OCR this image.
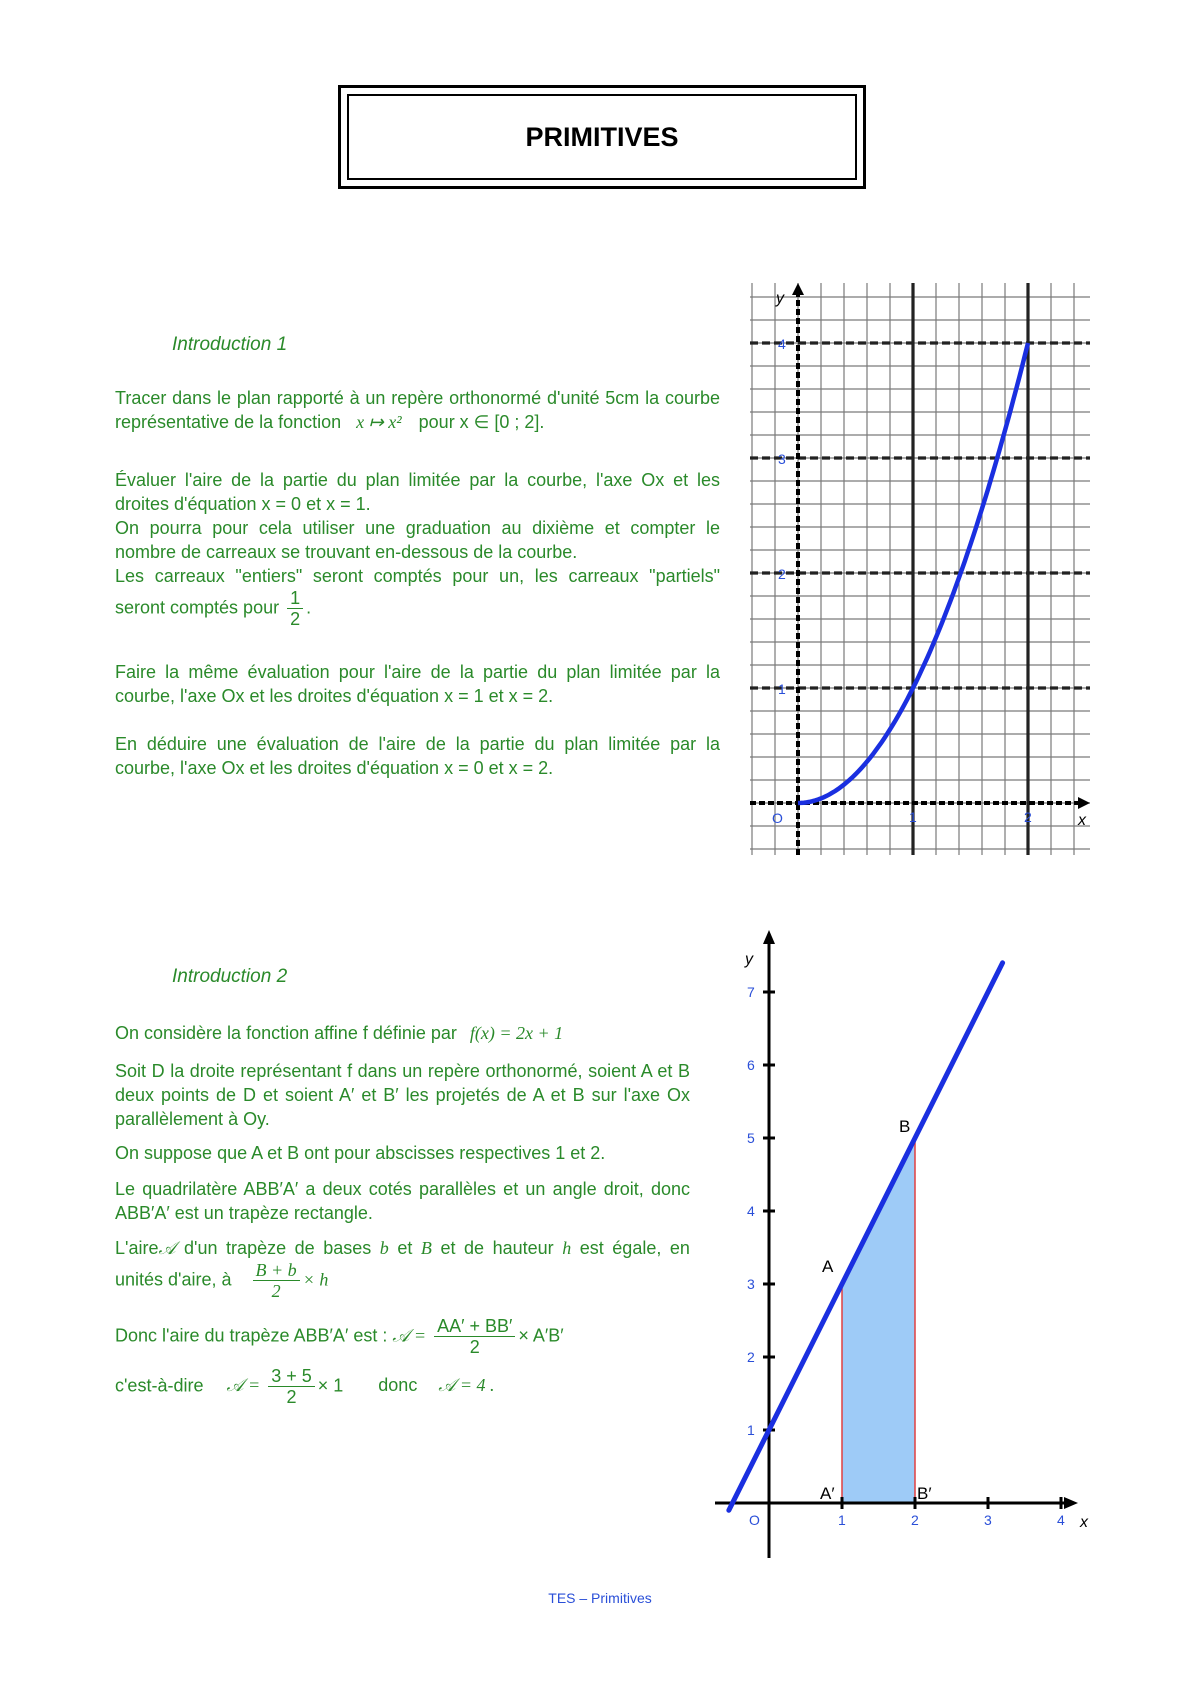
PRIMITIVES
Introduction 1
Tracer dans le plan rapporté à un repère orthonormé d'unité 5cm la courbe représentative de la fonction x ↦ x² pour x ∈ [0 ; 2].
Évaluer l'aire de la partie du plan limitée par la courbe, l'axe Ox et les droites d'équation x = 0 et x = 1.
On pourra pour cela utiliser une graduation au dixième et compter le nombre de carreaux se trouvant en-dessous de la courbe.
Les carreaux "entiers" seront comptés pour un, les carreaux "partiels" seront comptés pour $\frac{1}{2}$ .
Faire la même évaluation pour l'aire de la partie du plan limitée par la courbe, l'axe Ox et les droites d'équation x = 1 et x = 2.
En déduire une évaluation de l'aire de la partie du plan limitée par la courbe, l'axe Ox et les droites d'équation x = 0 et x = 2.
1	2
1
2
3
4
O	x
y
Introduction 2
On considère la fonction affine f définie par f(x) = 2x + 1
Soit D la droite représentant f dans un repère orthonormé, soient A et B deux points de D et soient A′ et B′ les projetés de A et B sur l'axe Ox parallèlement à Oy.
On suppose que A et B ont pour abscisses respectives 1 et 2.
Le quadrilatère ABB′A′ a deux cotés parallèles et un angle droit, donc ABB′A′ est un trapèze rectangle.
L'aire𝒜 d'un trapèze de bases b et B et de hauteur h est égale, en unités d'aire, à $\frac{B + b}{2} \times h$
Donc l'aire du trapèze ABB′A′ est : 𝒜 = $\frac{AA' + BB'}{2} \times A'B'$
c'est-à-dire 𝒜 = $\frac{3 + 5}{2} \times 1$ donc 𝒜 = 4 .
1	2	3	4
1
2
3
4
5
6
7
O	x
y
A
B
A′	B′
TES – Primitives
